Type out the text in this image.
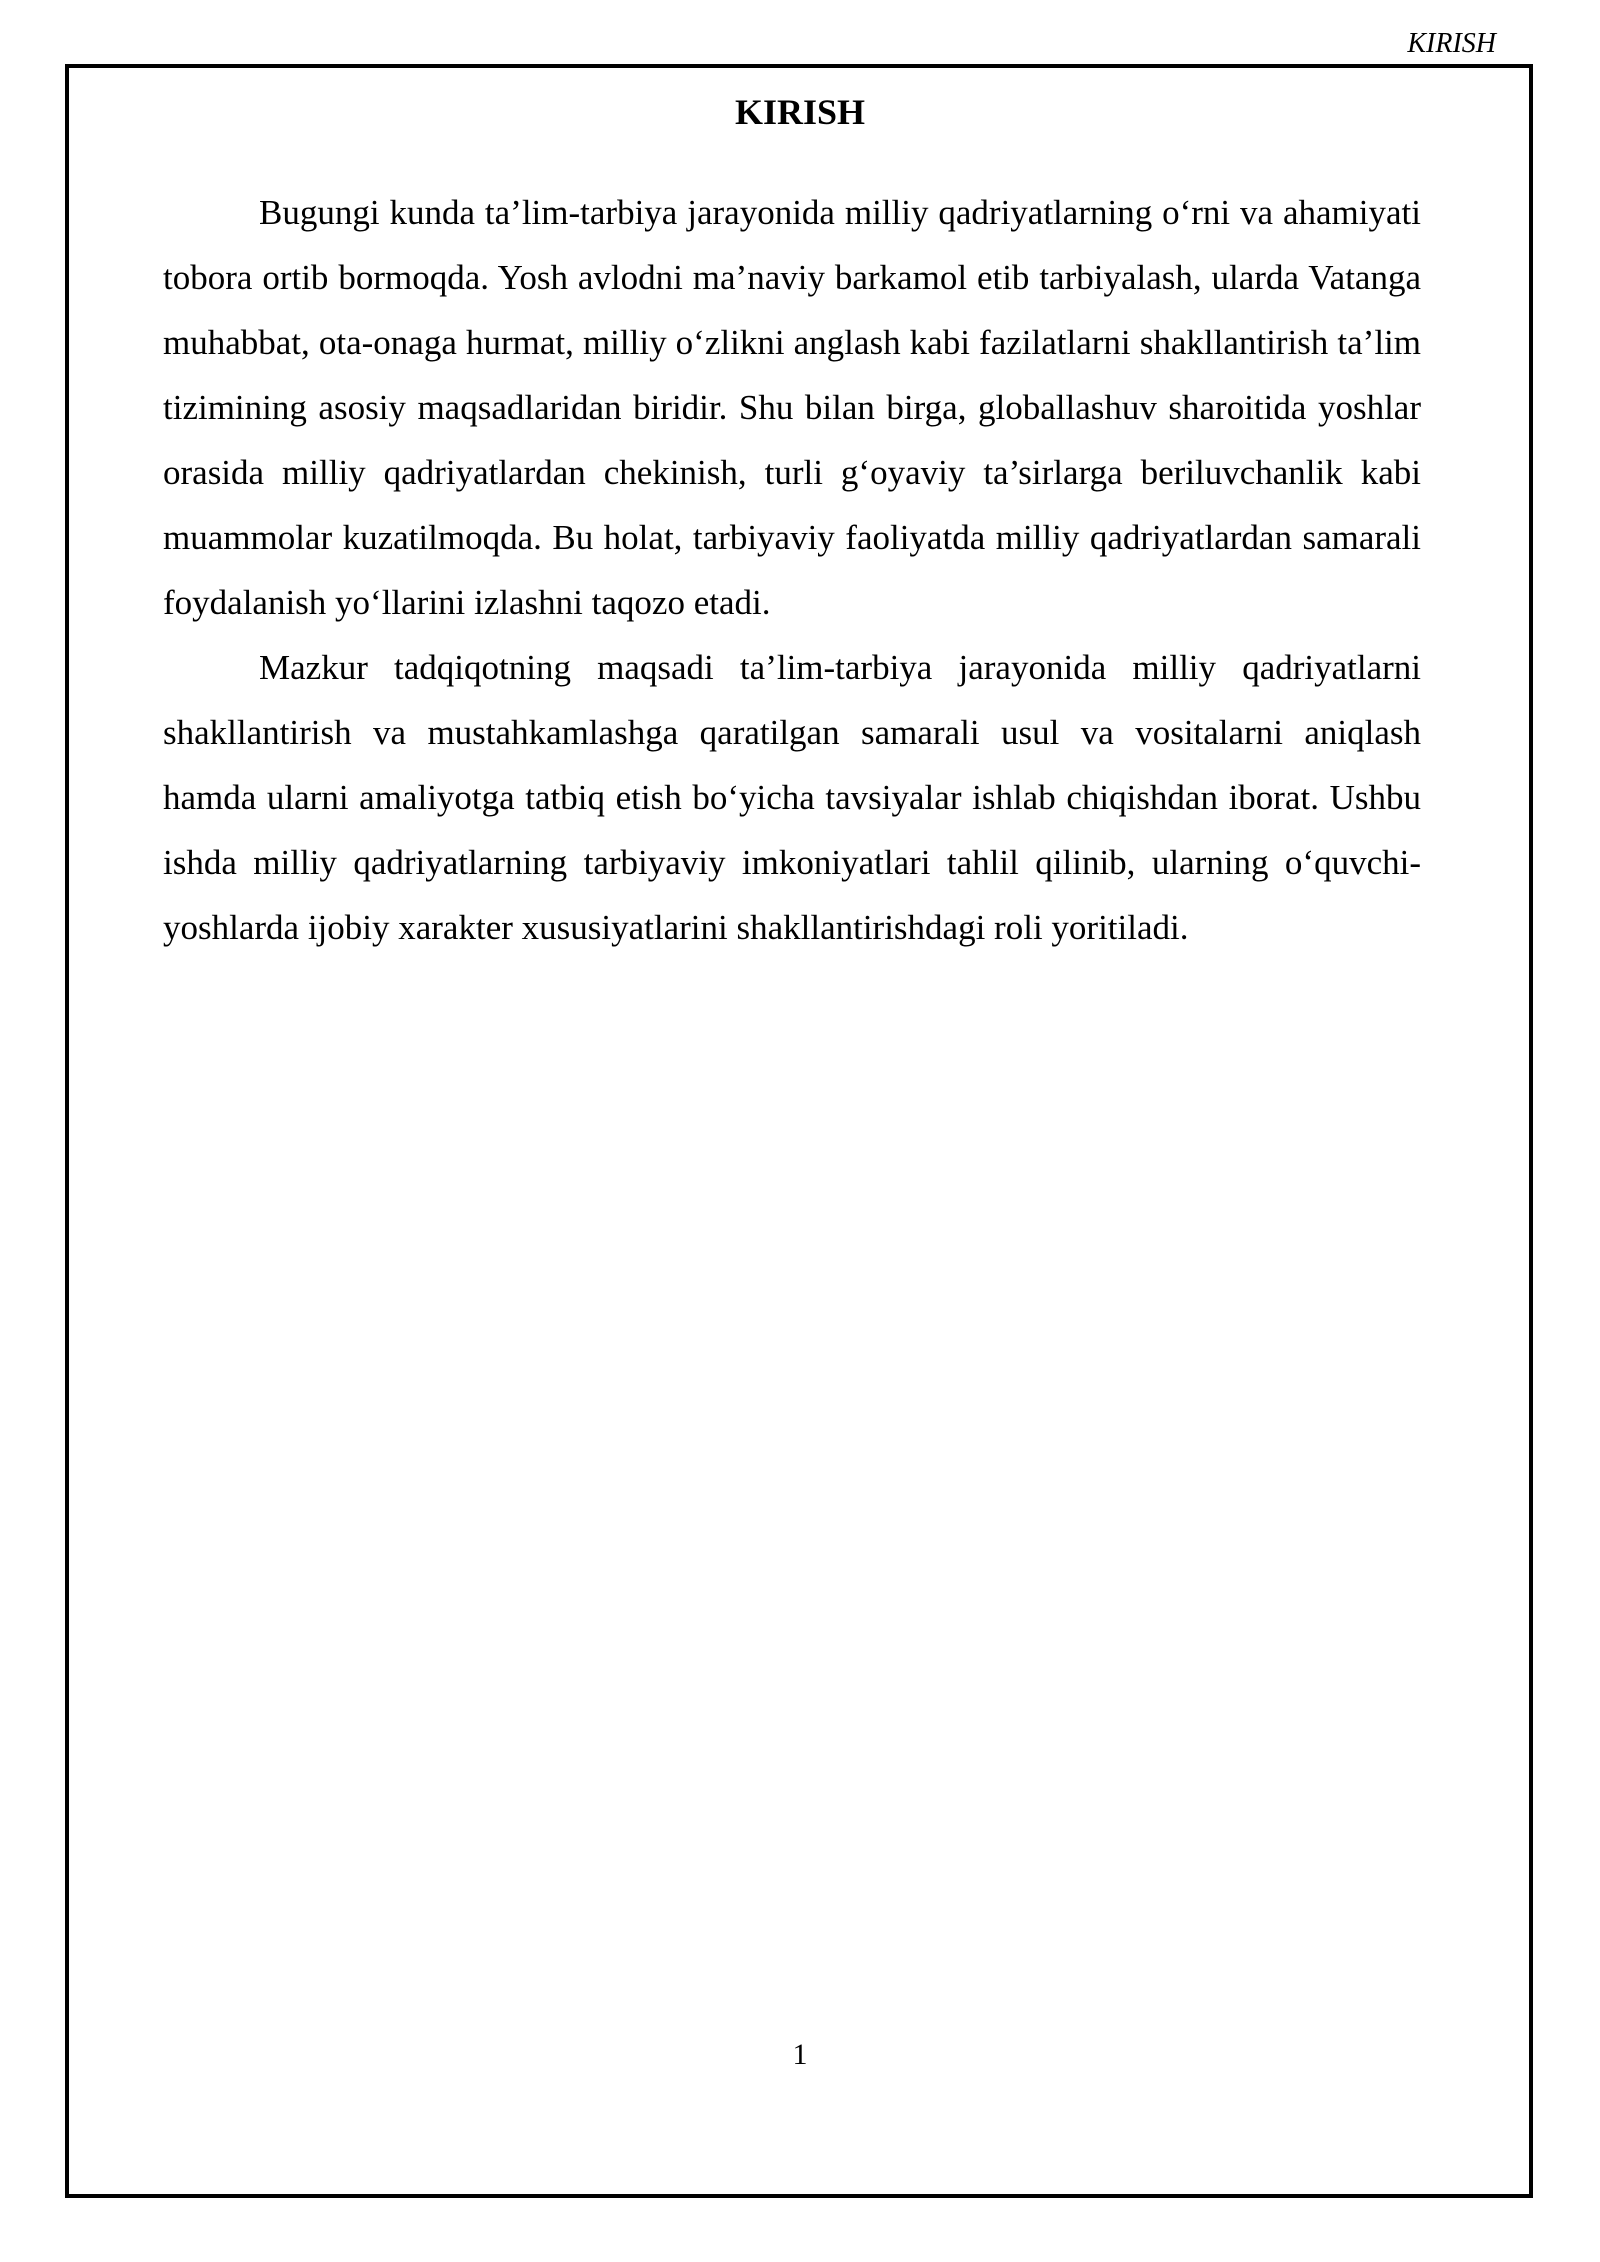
KIRISH
KIRISH

Bugungi kunda ta’lim-tarbiya jarayonida milliy qadriyatlarning o‘rni va ahamiyati tobora ortib bormoqda. Yosh avlodni ma’naviy barkamol etib tarbiyalash, ularda Vatanga muhabbat, ota-onaga hurmat, milliy o‘zlikni anglash kabi fazilatlarni shakllantirish ta’lim tizimining asosiy maqsadlaridan biridir. Shu bilan birga, globallashuv sharoitida yoshlar orasida milliy qadriyatlardan chekinish, turli g‘oyaviy ta’sirlarga beriluvchanlik kabi muammolar kuzatilmoqda. Bu holat, tarbiyaviy faoliyatda milliy qadriyatlardan samarali foydalanish yo‘llarini izlashni taqozo etadi.

Mazkur tadqiqotning maqsadi ta’lim-tarbiya jarayonida milliy qadriyatlarni shakllantirish va mustahkamlashga qaratilgan samarali usul va vositalarni aniqlash hamda ularni amaliyotga tatbiq etish bo‘yicha tavsiyalar ishlab chiqishdan iborat. Ushbu ishda milliy qadriyatlarning tarbiyaviy imkoniyatlari tahlil qilinib, ularning o‘quvchi-yoshlarda ijobiy xarakter xususiyatlarini shakllantirishdagi roli yoritiladi.

1
